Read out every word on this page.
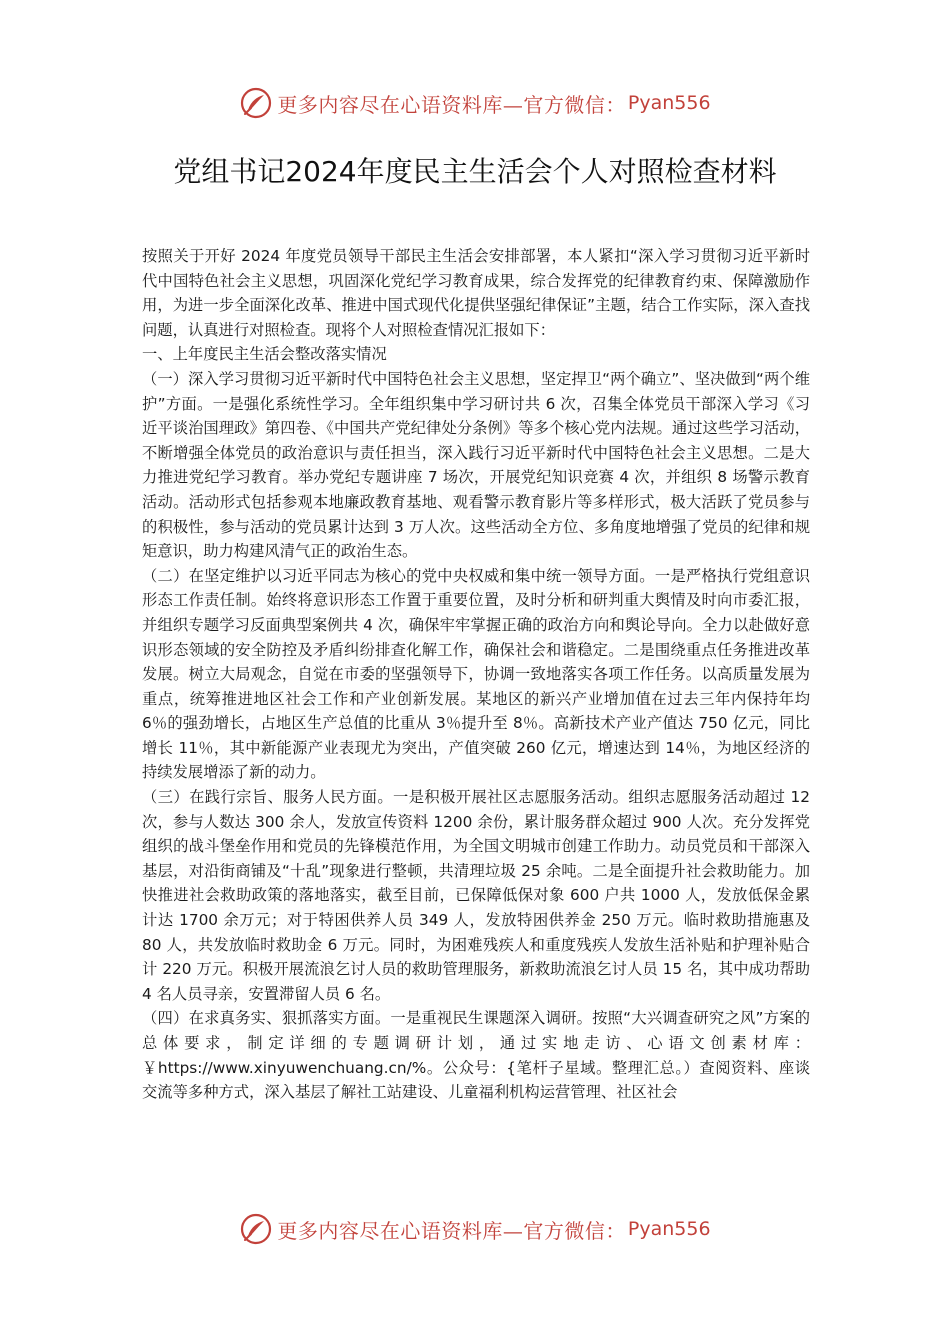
更多内容尽在心语资料库—官方微信： Pyan556
党组书记2024年度民主生活会个人对照检查材料

按照关于开好 2024 年度党员领导干部民主生活会安排部署，本人紧扣“深入学习贯彻习近平新时代中国特色社会主义思想，巩固深化党纪学习教育成果，综合发挥党的纪律教育约束、保障激励作用，为进一步全面深化改革、推进中国式现代化提供坚强纪律保证”主题，结合工作实际，深入查找问题，认真进行对照检查。现将个人对照检查情况汇报如下：

一、上年度民主生活会整改落实情况

（一）深入学习贯彻习近平新时代中国特色社会主义思想，坚定捍卫“两个确立”、坚决做到“两个维护”方面。一是强化系统性学习。全年组织集中学习研讨共 6 次，召集全体党员干部深入学习《习近平谈治国理政》第四卷、《中国共产党纪律处分条例》等多个核心党内法规。通过这些学习活动，不断增强全体党员的政治意识与责任担当，深入践行习近平新时代中国特色社会主义思想。二是大力推进党纪学习教育。举办党纪专题讲座 7 场次，开展党纪知识竞赛 4 次，并组织 8 场警示教育活动。活动形式包括参观本地廉政教育基地、观看警示教育影片等多样形式，极大活跃了党员参与的积极性，参与活动的党员累计达到 3 万人次。这些活动全方位、多角度地增强了党员的纪律和规矩意识，助力构建风清气正的政治生态。

（二）在坚定维护以习近平同志为核心的党中央权威和集中统一领导方面。一是严格执行党组意识形态工作责任制。始终将意识形态工作置于重要位置，及时分析和研判重大舆情及时向市委汇报，并组织专题学习反面典型案例共 4 次，确保牢牢掌握正确的政治方向和舆论导向。全力以赴做好意识形态领域的安全防控及矛盾纠纷排查化解工作，确保社会和谐稳定。二是围绕重点任务推进改革发展。树立大局观念，自觉在市委的坚强领导下，协调一致地落实各项工作任务。以高质量发展为重点，统筹推进地区社会工作和产业创新发展。某地区的新兴产业增加值在过去三年内保持年均 6％的强劲增长，占地区生产总值的比重从 3％提升至 8％。高新技术产业产值达 750 亿元，同比增长 11％，其中新能源产业表现尤为突出，产值突破 260 亿元，增速达到 14％，为地区经济的持续发展增添了新的动力。

（三）在践行宗旨、服务人民方面。一是积极开展社区志愿服务活动。组织志愿服务活动超过 12 次，参与人数达 300 余人，发放宣传资料 1200 余份，累计服务群众超过 900 人次。充分发挥党组织的战斗堡垒作用和党员的先锋模范作用，为全国文明城市创建工作助力。动员党员和干部深入基层，对沿街商铺及“十乱”现象进行整顿，共清理垃圾 25 余吨。二是全面提升社会救助能力。加快推进社会救助政策的落地落实，截至目前，已保障低保对象 600 户共 1000 人，发放低保金累计达 1700 余万元；对于特困供养人员 349 人，发放特困供养金 250 万元。临时救助措施惠及 80 人，共发放临时救助金 6 万元。同时，为困难残疾人和重度残疾人发放生活补贴和护理补贴合计 220 万元。积极开展流浪乞讨人员的救助管理服务，新救助流浪乞讨人员 15 名，其中成功帮助 4 名人员寻亲，安置滞留人员 6 名。

（四）在求真务实、狠抓落实方面。一是重视民生课题深入调研。按照“大兴调查研究之风”方案的总体要求，制定详细的专题调研计划，通过实地走访、心语文创素材库：￥https://www.xinyuwenchuang.cn/%。公众号：{笔杆子星域。整理汇总。）查阅资料、座谈交流等多种方式，深入基层了解社工站建设、儿童福利机构运营管理、社区社会

更多内容尽在心语资料库—官方微信： Pyan556
